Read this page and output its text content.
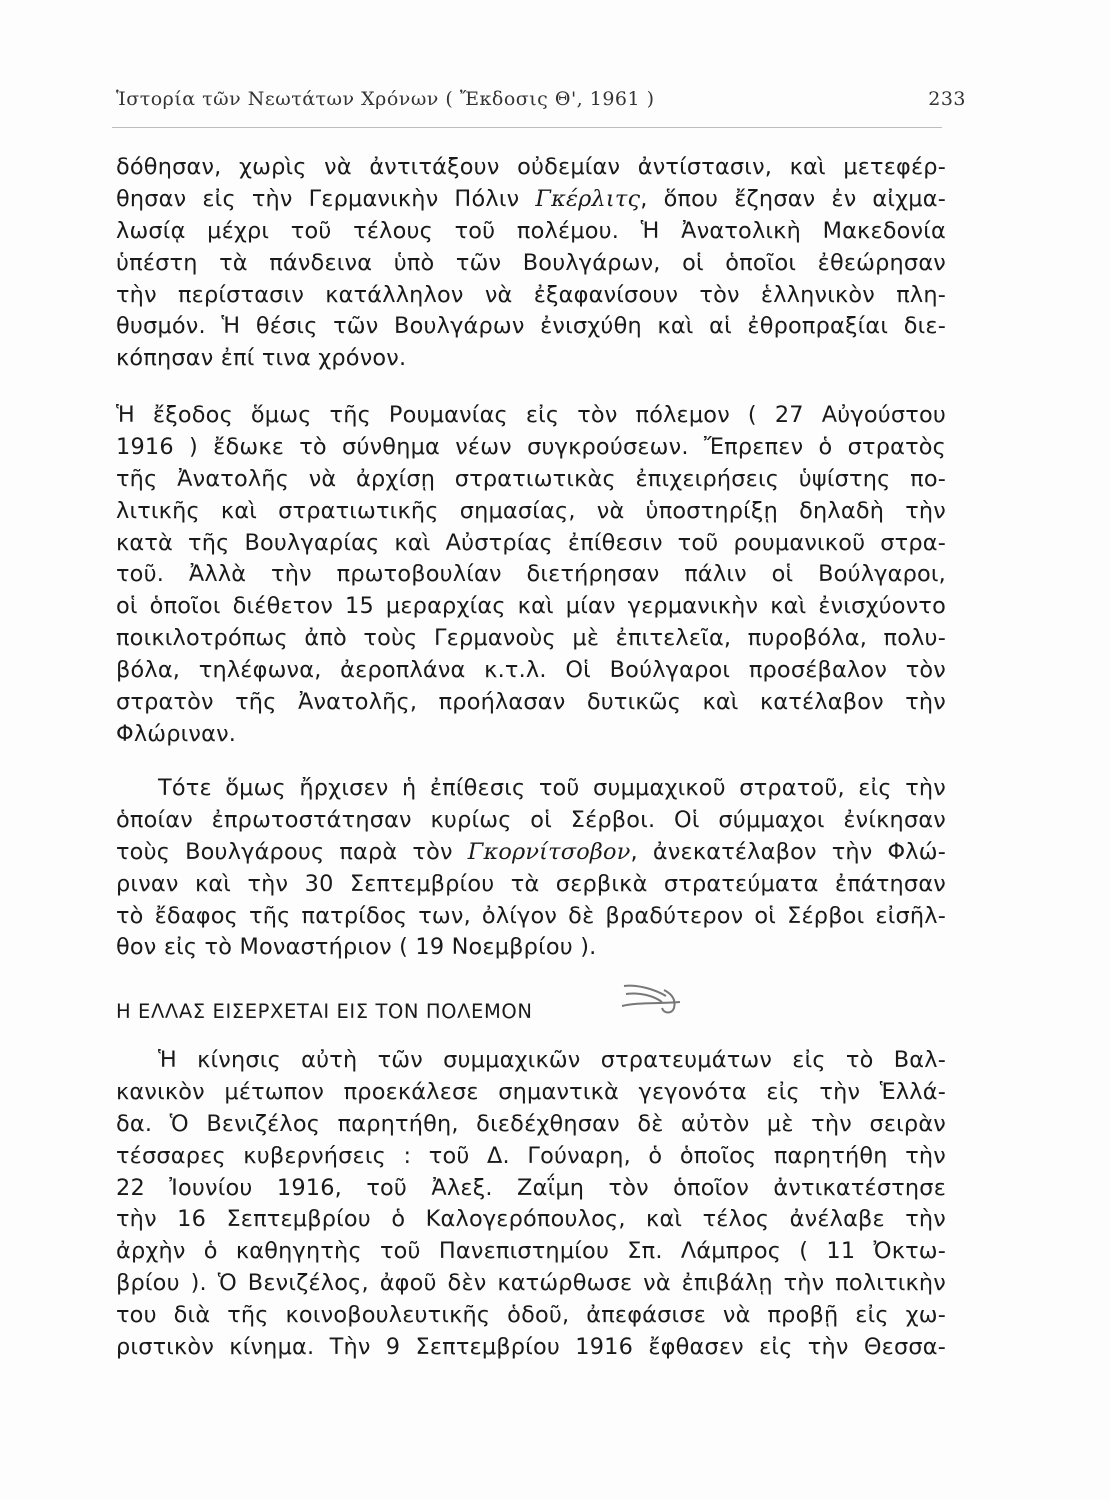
Ἱστορία τῶν Νεωτάτων Χρόνων ( Ἔκδοσις Θ', 1961 )	233
δόθησαν, χωρὶς νὰ ἀντιτάξουν οὐδεμίαν ἀντίστασιν, καὶ μετεφέρ-
θησαν εἰς τὴν Γερμανικὴν Πόλιν Γκέρλιτς, ὅπου ἔζησαν ἐν αἰχμα-
λωσίᾳ μέχρι τοῦ τέλους τοῦ πολέμου. Ἡ Ἀνατολικὴ Μακεδονία
ὑπέστη τὰ πάνδεινα ὑπὸ τῶν Βουλγάρων, οἱ ὁποῖοι ἐθεώρησαν
τὴν περίστασιν κατάλληλον νὰ ἐξαφανίσουν τὸν ἑλληνικὸν πλη-
θυσμόν. Ἡ θέσις τῶν Βουλγάρων ἐνισχύθη καὶ αἱ ἐθροπραξίαι διε-
κόπησαν ἐπί τινα χρόνον.
Ἡ ἔξοδος ὅμως τῆς Ρουμανίας εἰς τὸν πόλεμον ( 27 Αὐγούστου
1916 ) ἔδωκε τὸ σύνθημα νέων συγκρούσεων. Ἔπρεπεν ὁ στρατὸς
τῆς Ἀνατολῆς νὰ ἀρχίσῃ στρατιωτικὰς ἐπιχειρήσεις ὑψίστης πο-
λιτικῆς καὶ στρατιωτικῆς σημασίας, νὰ ὑποστηρίξῃ δηλαδὴ τὴν
κατὰ τῆς Βουλγαρίας καὶ Αὐστρίας ἐπίθεσιν τοῦ ρουμανικοῦ στρα-
τοῦ. Ἀλλὰ τὴν πρωτοβουλίαν διετήρησαν πάλιν οἱ Βούλγαροι,
οἱ ὁποῖοι διέθετον 15 μεραρχίας καὶ μίαν γερμανικὴν καὶ ἐνισχύοντο
ποικιλοτρόπως ἀπὸ τοὺς Γερμανοὺς μὲ ἐπιτελεῖα, πυροβόλα, πολυ-
βόλα, τηλέφωνα, ἀεροπλάνα κ.τ.λ. Οἱ Βούλγαροι προσέβαλον τὸν
στρατὸν τῆς Ἀνατολῆς, προήλασαν δυτικῶς καὶ κατέλαβον τὴν
Φλώριναν.
Τότε ὅμως ἤρχισεν ἡ ἐπίθεσις τοῦ συμμαχικοῦ στρατοῦ, εἰς τὴν
ὁποίαν ἐπρωτοστάτησαν κυρίως οἱ Σέρβοι. Οἱ σύμμαχοι ἐνίκησαν
τοὺς Βουλγάρους παρὰ τὸν Γκορνίτσοβον, ἀνεκατέλαβον τὴν Φλώ-
ριναν καὶ τὴν 30 Σεπτεμβρίου τὰ σερβικὰ στρατεύματα ἐπάτησαν
τὸ ἔδαφος τῆς πατρίδος των, ὀλίγον δὲ βραδύτερον οἱ Σέρβοι εἰσῆλ-
θον εἰς τὸ Μοναστήριον ( 19 Νοεμβρίου ).
Η ΕΛΛΑΣ ΕΙΣΕΡΧΕΤΑΙ ΕΙΣ ΤΟΝ ΠΟΛΕΜΟΝ
Ἡ κίνησις αὐτὴ τῶν συμμαχικῶν στρατευμάτων εἰς τὸ Βαλ-
κανικὸν μέτωπον προεκάλεσε σημαντικὰ γεγονότα εἰς τὴν Ἑλλά-
δα. Ὁ Βενιζέλος παρητήθη, διεδέχθησαν δὲ αὐτὸν μὲ τὴν σειρὰν
τέσσαρες κυβερνήσεις : τοῦ Δ. Γούναρη, ὁ ὁποῖος παρητήθη τὴν
22 Ἰουνίου 1916, τοῦ Ἀλεξ. Ζαΐμη τὸν ὁποῖον ἀντικατέστησε
τὴν 16 Σεπτεμβρίου ὁ Καλογερόπουλος, καὶ τέλος ἀνέλαβε τὴν
ἀρχὴν ὁ καθηγητὴς τοῦ Πανεπιστημίου Σπ. Λάμπρος ( 11 Ὀκτω-
βρίου ). Ὁ Βενιζέλος, ἀφοῦ δὲν κατώρθωσε νὰ ἐπιβάλῃ τὴν πολιτικὴν
του διὰ τῆς κοινοβουλευτικῆς ὁδοῦ, ἀπεφάσισε νὰ προβῇ εἰς χω-
ριστικὸν κίνημα. Τὴν 9 Σεπτεμβρίου 1916 ἔφθασεν εἰς τὴν Θεσσα-
